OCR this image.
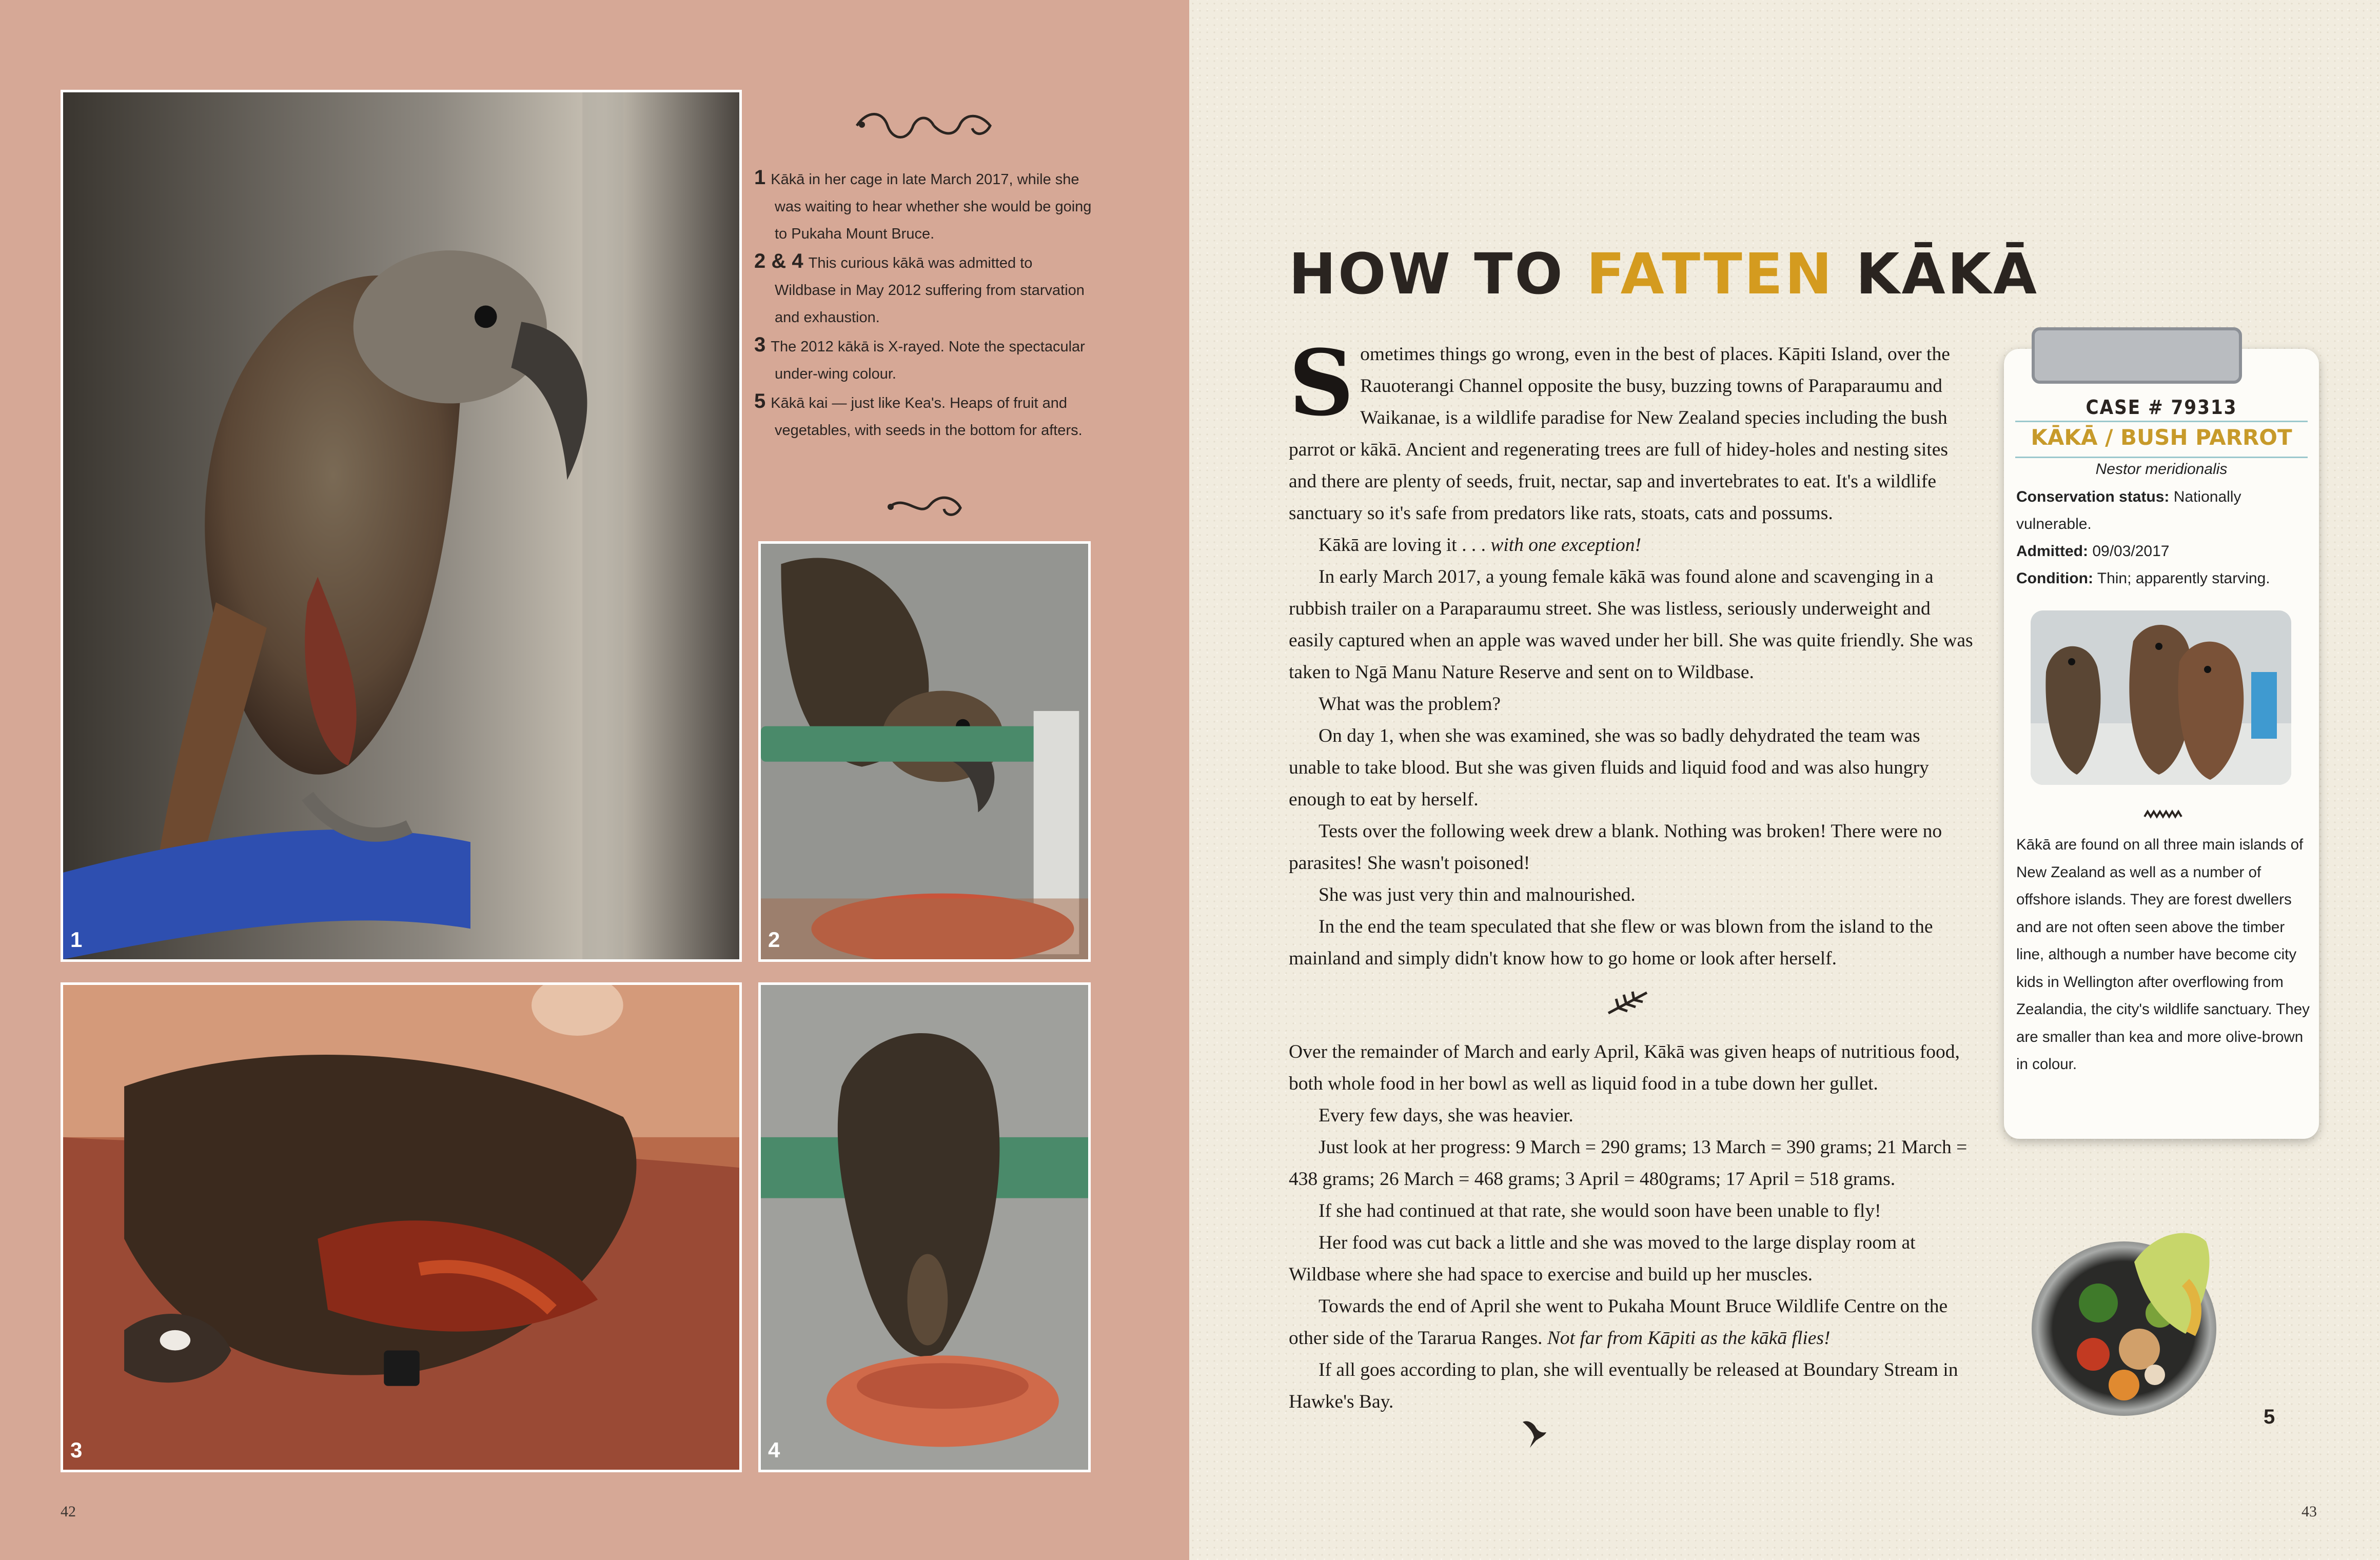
1	2
3	4

1 Kākā in her cage in late March 2017, while she was waiting to hear whether she would be going to Pukaha Mount Bruce.

2 & 4 This curious kākā was admitted to Wildbase in May 2012 suffering from starvation and exhaustion.

3 The 2012 kākā is X-rayed. Note the spectacular under-wing colour.

5 Kākā kai — just like Kea's. Heaps of fruit and vegetables, with seeds in the bottom for afters.

42	43
HOW TO FATTEN KĀKĀ

Sometimes things go wrong, even in the best of places. Kāpiti Island, over the Rauoterangi Channel opposite the busy, buzzing towns of Paraparaumu and Waikanae, is a wildlife paradise for New Zealand species including the bush parrot or kākā. Ancient and regenerating trees are full of hidey-holes and nesting sites and there are plenty of seeds, fruit, nectar, sap and invertebrates to eat. It's a wildlife sanctuary so it's safe from predators like rats, stoats, cats and possums.

Kākā are loving it . . . with one exception!

In early March 2017, a young female kākā was found alone and scavenging in a rubbish trailer on a Paraparaumu street. She was listless, seriously underweight and easily captured when an apple was waved under her bill. She was quite friendly. She was taken to Ngā Manu Nature Reserve and sent on to Wildbase.

What was the problem?

On day 1, when she was examined, she was so badly dehydrated the team was unable to take blood. But she was given fluids and liquid food and was also hungry enough to eat by herself.

Tests over the following week drew a blank. Nothing was broken! There were no parasites! She wasn't poisoned!

She was just very thin and malnourished.

In the end the team speculated that she flew or was blown from the island to the mainland and simply didn't know how to go home or look after herself.

Over the remainder of March and early April, Kākā was given heaps of nutritious food, both whole food in her bowl as well as liquid food in a tube down her gullet.

Every few days, she was heavier.

Just look at her progress: 9 March = 290 grams; 13 March = 390 grams; 21 March = 438 grams; 26 March = 468 grams; 3 April = 480grams; 17 April = 518 grams.

If she had continued at that rate, she would soon have been unable to fly!

Her food was cut back a little and she was moved to the large display room at Wildbase where she had space to exercise and build up her muscles.

Towards the end of April she went to Pukaha Mount Bruce Wildlife Centre on the other side of the Tararua Ranges. Not far from Kāpiti as the kākā flies!

If all goes according to plan, she will eventually be released at Boundary Stream in Hawke's Bay.

CASE # 79313
KĀKĀ / BUSH PARROT
Nestor meridionalis
Conservation status: Nationally vulnerable.
Admitted: 09/03/2017
Condition: Thin; apparently starving.
Kākā are found on all three main islands of New Zealand as well as a number of offshore islands. They are forest dwellers and are not often seen above the timber line, although a number have become city kids in Wellington after overflowing from Zealandia, the city's wildlife sanctuary. They are smaller than kea and more olive-brown in colour.
5
